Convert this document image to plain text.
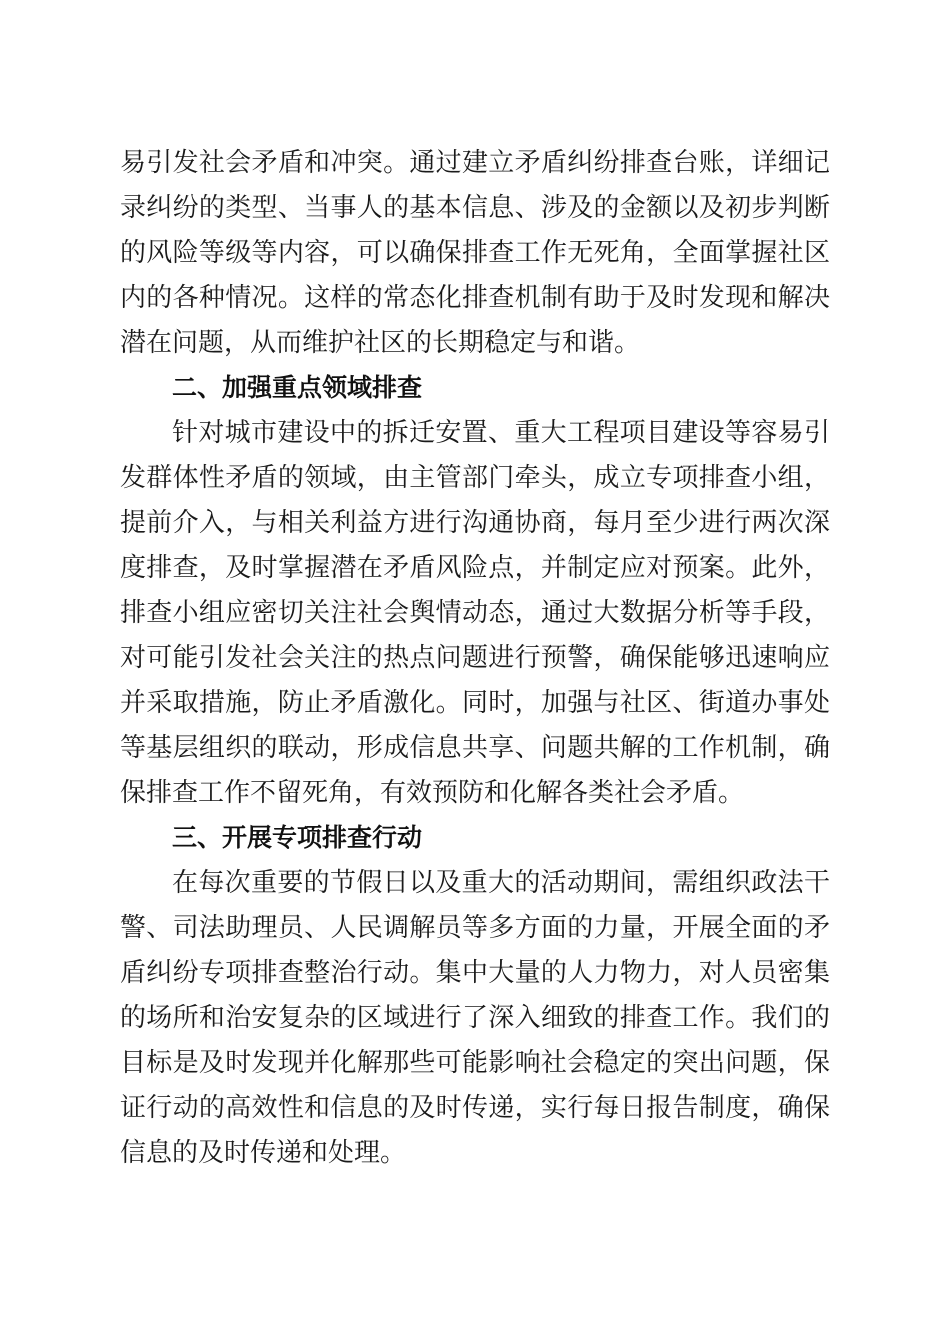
易引发社会矛盾和冲突。通过建立矛盾纠纷排查台账，详细记
录纠纷的类型、当事人的基本信息、涉及的金额以及初步判断
的风险等级等内容，可以确保排查工作无死角，全面掌握社区
内的各种情况。这样的常态化排查机制有助于及时发现和解决
潜在问题，从而维护社区的长期稳定与和谐。
二、加强重点领域排查
针对城市建设中的拆迁安置、重大工程项目建设等容易引
发群体性矛盾的领域，由主管部门牵头，成立专项排查小组，
提前介入，与相关利益方进行沟通协商，每月至少进行两次深
度排查，及时掌握潜在矛盾风险点，并制定应对预案。此外，
排查小组应密切关注社会舆情动态，通过大数据分析等手段，
对可能引发社会关注的热点问题进行预警，确保能够迅速响应
并采取措施，防止矛盾激化。同时，加强与社区、街道办事处
等基层组织的联动，形成信息共享、问题共解的工作机制，确
保排查工作不留死角，有效预防和化解各类社会矛盾。
三、开展专项排查行动
在每次重要的节假日以及重大的活动期间，需组织政法干
警、司法助理员、人民调解员等多方面的力量，开展全面的矛
盾纠纷专项排查整治行动。集中大量的人力物力，对人员密集
的场所和治安复杂的区域进行了深入细致的排查工作。我们的
目标是及时发现并化解那些可能影响社会稳定的突出问题，保
证行动的高效性和信息的及时传递，实行每日报告制度，确保
信息的及时传递和处理。
